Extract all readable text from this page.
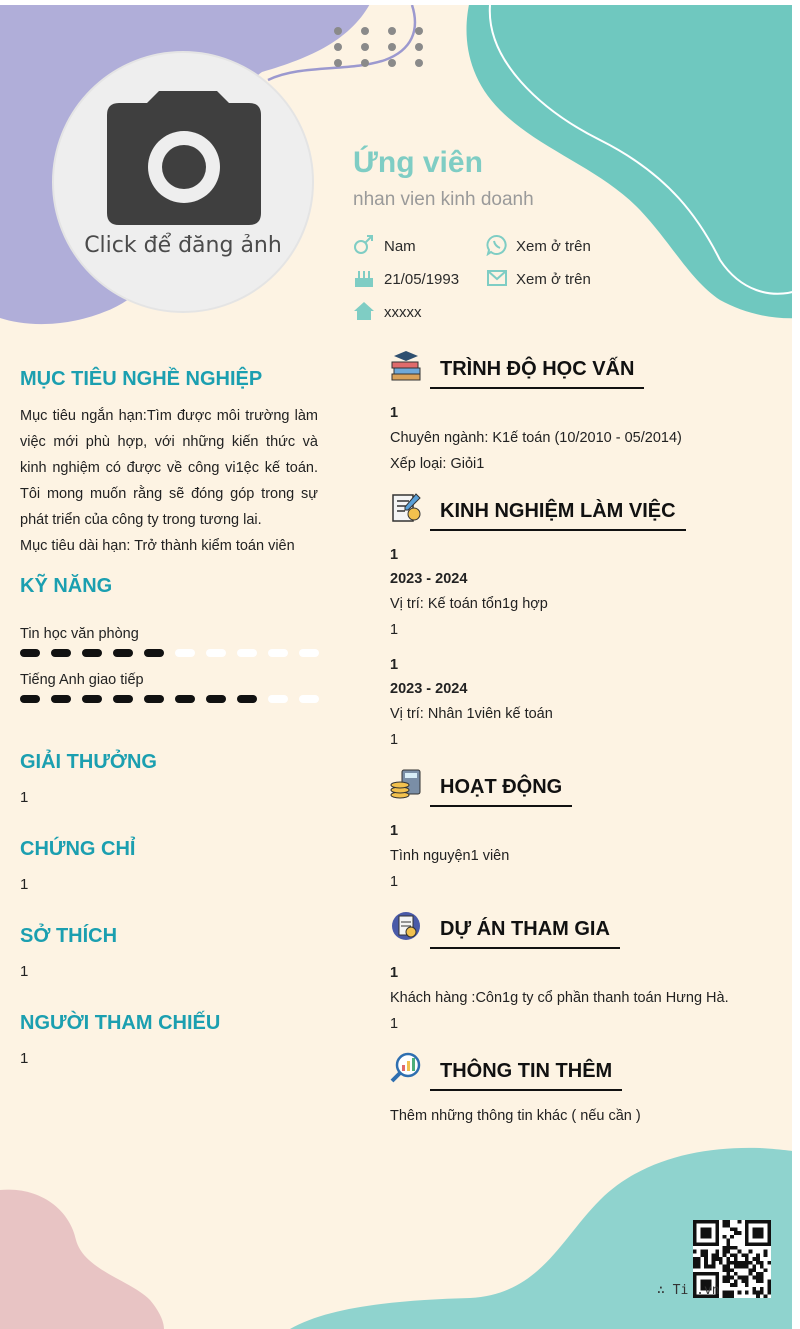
Click để đăng ảnh
Ứng viên
nhan vien kinh doanh
Nam	Xem ở trên
21/05/1993	Xem ở trên
xxxxx
MỤC TIÊU NGHỀ NGHIỆP

Mục tiêu ngắn hạn:Tìm được môi trường làm việc mới phù hợp, với những kiến thức và kinh nghiệm có được về công vi1ệc kế toán. Tôi mong muốn rằng sẽ đóng góp trong sự phát triển của công ty trong tương lai.

Mục tiêu dài hạn: Trở thành kiểm toán viên

KỸ NĂNG
Tin học văn phòng
Tiếng Anh giao tiếp
GIẢI THƯỞNG
1
CHỨNG CHỈ
1
SỞ THÍCH
1
NGƯỜI THAM CHIẾU
1
TRÌNH ĐỘ HỌC VẤN
1
Chuyên ngành: K1ế toán (10/2010 - 05/2014)
Xếp loại: Giỏi1
KINH NGHIỆM LÀM VIỆC
1
2023 - 2024
Vị trí: Kế toán tổn1g hợp
1
1
2023 - 2024
Vị trí: Nhân 1viên kế toán
1
HOẠT ĐỘNG
1
Tình nguyện1 viên
1
DỰ ÁN THAM GIA
1
Khách hàng :Côn1g ty cổ phần thanh toán Hưng Hà.
1
THÔNG TIN THÊM
Thêm những thông tin khác ( nếu cần )
∴ Ti .vn
